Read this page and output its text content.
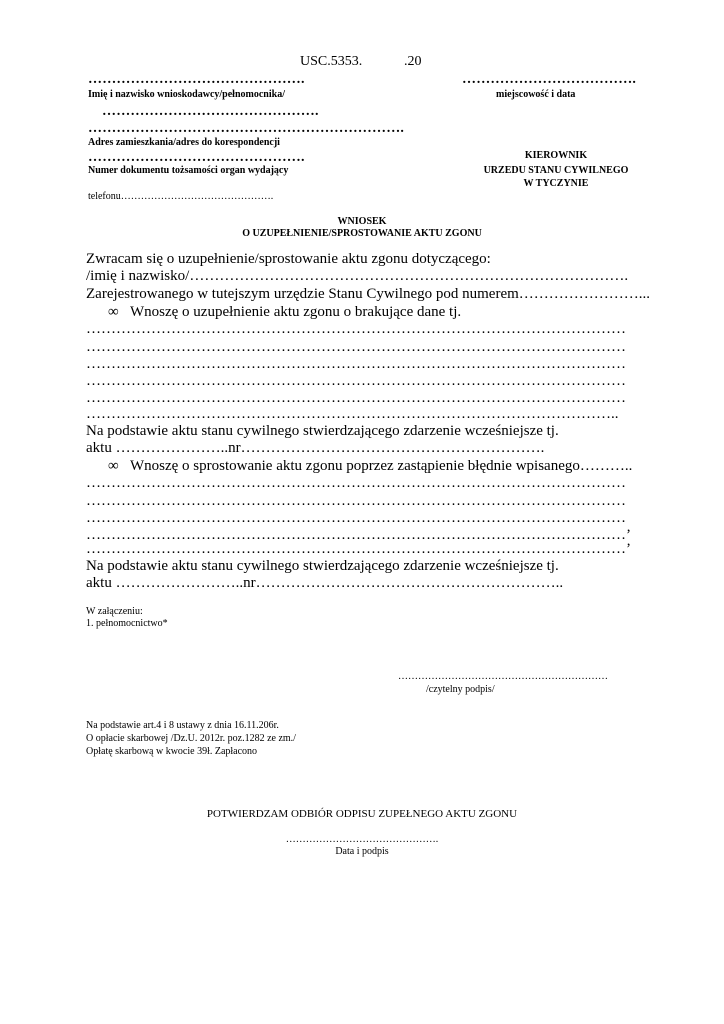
USC.5353.	.20
……………………………………….
Imię i nazwisko wnioskodawcy/pełnomocnika/
……………………………….
miejscowość i data
……………………………………….
………………………………………………………….
Adres zamieszkania/adres do korespondencji
……………………………………….
Numer dokumentu tożsamości organ wydający
KIEROWNIK
URZEDU STANU CYWILNEGO
W TYCZYNIE
telefonu……………………………………….
WNIOSEK
O UZUPEŁNIENIE/SPROSTOWANIE AKTU ZGONU
Zwracam się o uzupełnienie/sprostowanie aktu zgonu dotyczącego:
/imię i nazwisko/…………………………………………………………………………….
Zarejestrowanego w tutejszym urzędzie Stanu Cywilnego pod numerem……………………...
∞ Wnoszę o uzupełnienie aktu zgonu o brakujące dane tj.
………………………………………………………………………………………………
………………………………………………………………………………………………
………………………………………………………………………………………………
………………………………………………………………………………………………
………………………………………………………………………………………………
……………………………………………………………………………………………..
Na podstawie aktu stanu cywilnego stwierdzającego zdarzenie wcześniejsze tj.
aktu …………………..nr…………………………………………………….
∞ Wnoszę o sprostowanie aktu zgonu poprzez zastąpienie błędnie wpisanego………..
………………………………………………………………………………………………
………………………………………………………………………………………………
………………………………………………………………………………………………
………………………………………………………………………………………………’
………………………………………………………………………………………………’
Na podstawie aktu stanu cywilnego stwierdzającego zdarzenie wcześniejsze tj.
aktu ……………………..nr……………………………………………………..
W załączeniu:
1. pełnomocnictwo*
………………………………………………………
/czytelny podpis/
Na podstawie art.4 i 8 ustawy z dnia 16.11.206r.
O opłacie skarbowej /Dz.U. 2012r. poz.1282 ze zm./
Opłatę skarbową w kwocie 39ł. Zapłacono
POTWIERDZAM ODBIÓR ODPISU ZUPEŁNEGO AKTU ZGONU
……………………………………….
Data i podpis
